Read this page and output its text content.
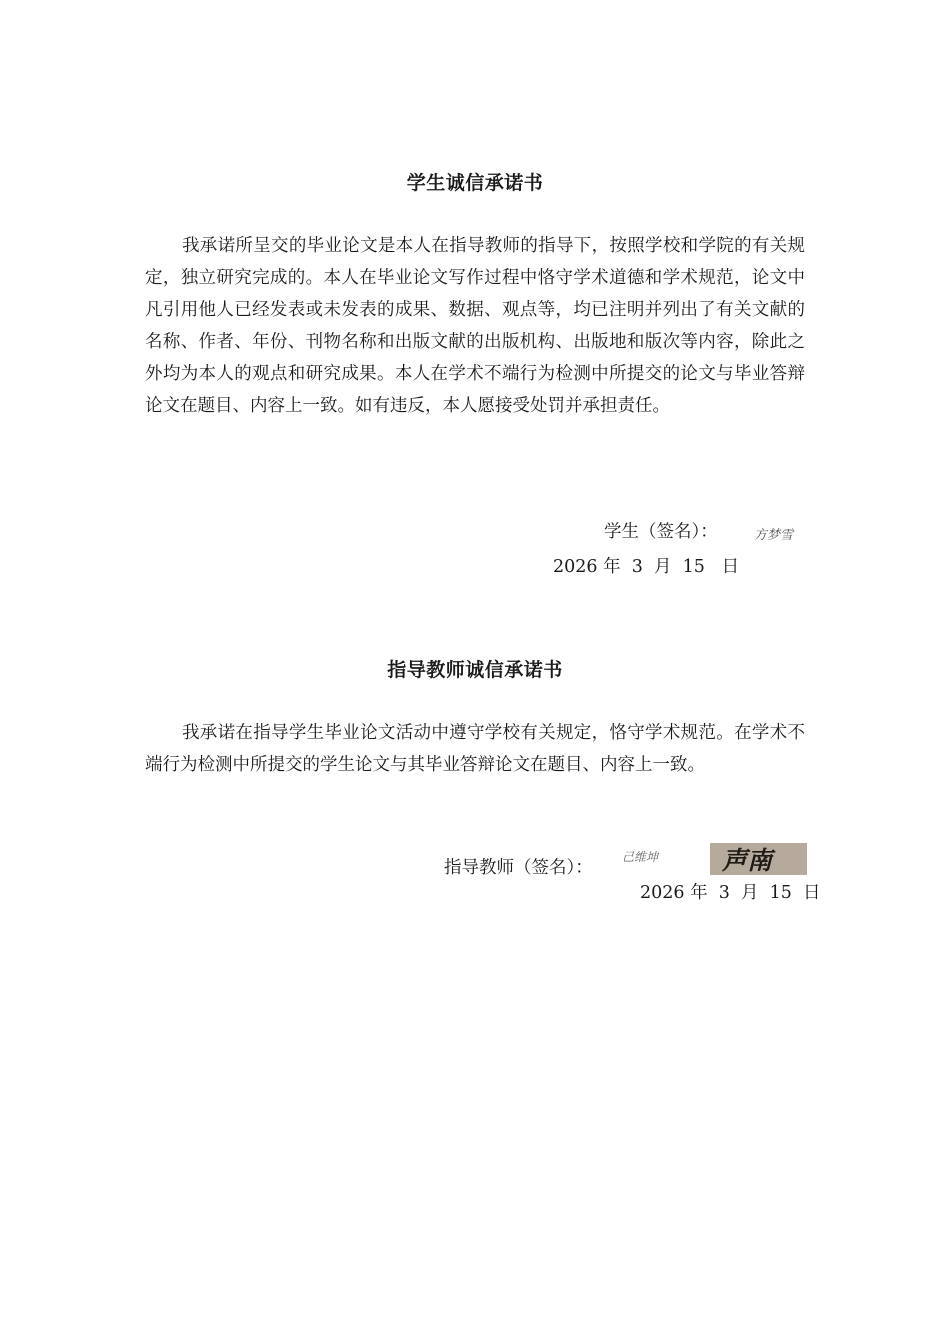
学生诚信承诺书
我承诺所呈交的毕业论文是本人在指导教师的指导下，按照学校和学院的有关规定，独立研究完成的。本人在毕业论文写作过程中恪守学术道德和学术规范，论文中凡引用他人已经发表或未发表的成果、数据、观点等，均已注明并列出了有关文献的名称、作者、年份、刊物名称和出版文献的出版机构、出版地和版次等内容，除此之外均为本人的观点和研究成果。本人在学术不端行为检测中所提交的论文与毕业答辩论文在题目、内容上一致。如有违反，本人愿接受处罚并承担责任。
学生（签名）：	方梦雪
2026 年  3  月  15   日
指导教师诚信承诺书
我承诺在指导学生毕业论文活动中遵守学校有关规定，恪守学术规范。在学术不端行为检测中所提交的学生论文与其毕业答辩论文在题目、内容上一致。
指导教师（签名）：
己维坤	声南
2026 年  3  月  15  日
